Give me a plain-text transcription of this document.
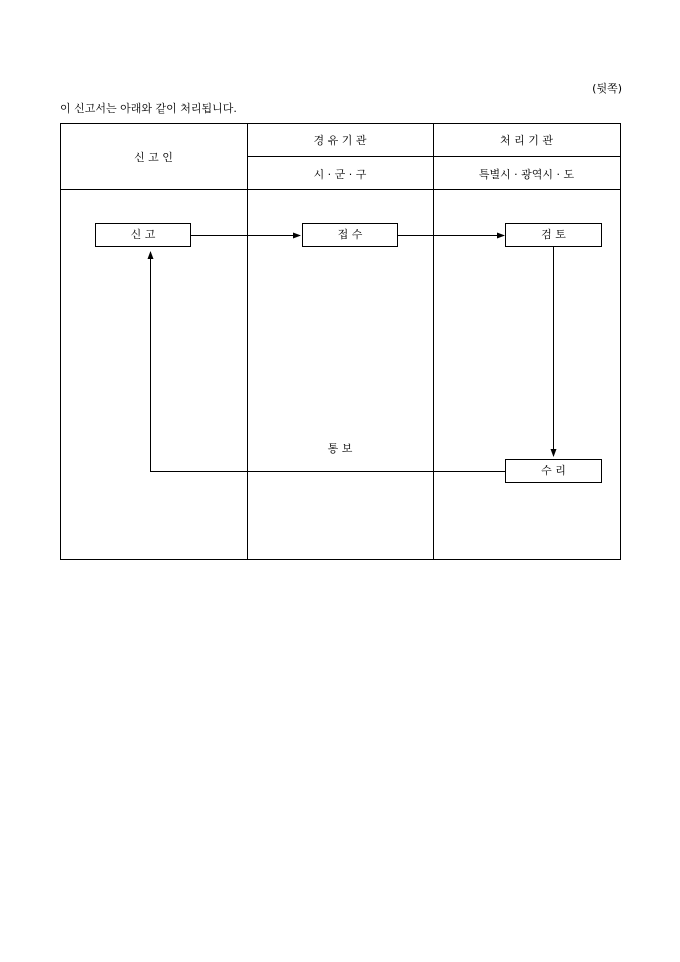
(뒷쪽)
이 신고서는 아래와 같이 처리됩니다.
신 고 인
경 유 기 관
시 · 군 · 구
처 리 기 관
특별시 · 광역시 · 도
신 고	접 수	검 토
수 리
통 보
